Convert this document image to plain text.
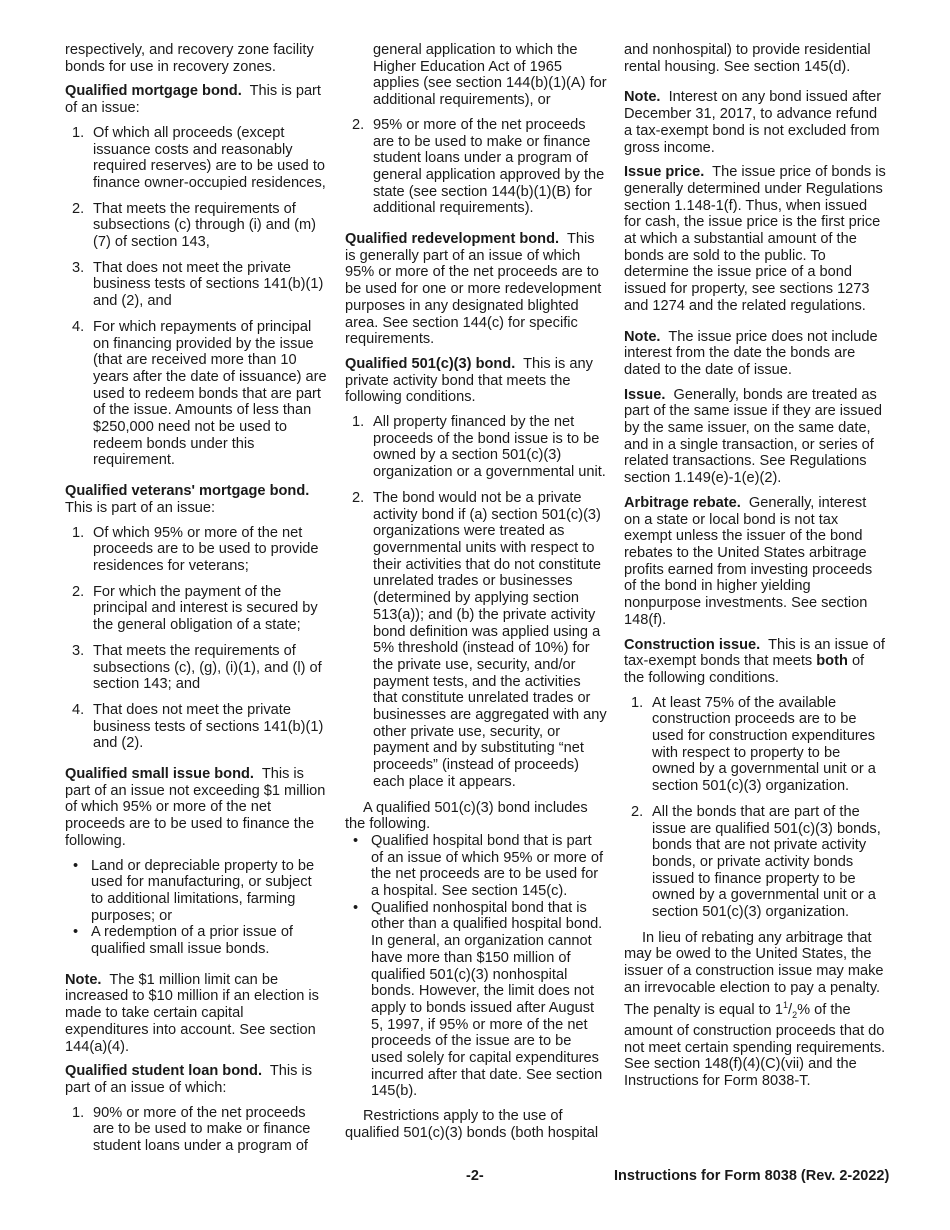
respectively, and recovery zone facility bonds for use in recovery zones.

Qualified mortgage bond. This is part of an issue:

1. Of which all proceeds (except issuance costs and reasonably required reserves) are to be used to finance owner-occupied residences,
2. That meets the requirements of subsections (c) through (i) and (m)(7) of section 143,
3. That does not meet the private business tests of sections 141(b)(1) and (2), and
4. For which repayments of principal on financing provided by the issue (that are received more than 10 years after the date of issuance) are used to redeem bonds that are part of the issue. Amounts of less than $250,000 need not be used to redeem bonds under this requirement.

Qualified veterans' mortgage bond. This is part of an issue:

1. Of which 95% or more of the net proceeds are to be used to provide residences for veterans;
2. For which the payment of the principal and interest is secured by the general obligation of a state;
3. That meets the requirements of subsections (c), (g), (i)(1), and (l) of section 143; and
4. That does not meet the private business tests of sections 141(b)(1) and (2).

Qualified small issue bond. This is part of an issue not exceeding $1 million of which 95% or more of the net proceeds are to be used to finance the following.

• Land or depreciable property to be used for manufacturing, or subject to additional limitations, farming purposes; or
• A redemption of a prior issue of qualified small issue bonds.

Note. The $1 million limit can be increased to $10 million if an election is made to take certain capital expenditures into account. See section 144(a)(4).

Qualified student loan bond. This is part of an issue of which:

1. 90% or more of the net proceeds are to be used to make or finance student loans under a program of

general application to which the Higher Education Act of 1965 applies (see section 144(b)(1)(A) for additional requirements), or

2. 95% or more of the net proceeds are to be used to make or finance student loans under a program of general application approved by the state (see section 144(b)(1)(B) for additional requirements).

Qualified redevelopment bond. This is generally part of an issue of which 95% or more of the net proceeds are to be used for one or more redevelopment purposes in any designated blighted area. See section 144(c) for specific requirements.

Qualified 501(c)(3) bond. This is any private activity bond that meets the following conditions.

1. All property financed by the net proceeds of the bond issue is to be owned by a section 501(c)(3) organization or a governmental unit.
2. The bond would not be a private activity bond if (a) section 501(c)(3) organizations were treated as governmental units with respect to their activities that do not constitute unrelated trades or businesses (determined by applying section 513(a)); and (b) the private activity bond definition was applied using a 5% threshold (instead of 10%) for the private use, security, and/or payment tests, and the activities that constitute unrelated trades or businesses are aggregated with any other private use, security, or payment and by substituting “net proceeds” (instead of proceeds) each place it appears.

A qualified 501(c)(3) bond includes the following.

• Qualified hospital bond that is part of an issue of which 95% or more of the net proceeds are to be used for a hospital. See section 145(c).
• Qualified nonhospital bond that is other than a qualified hospital bond. In general, an organization cannot have more than $150 million of qualified 501(c)(3) nonhospital bonds. However, the limit does not apply to bonds issued after August 5, 1997, if 95% or more of the net proceeds of the issue are to be used solely for capital expenditures incurred after that date. See section 145(b).

Restrictions apply to the use of qualified 501(c)(3) bonds (both hospital

and nonhospital) to provide residential rental housing. See section 145(d).

Note. Interest on any bond issued after December 31, 2017, to advance refund a tax-exempt bond is not excluded from gross income.

Issue price. The issue price of bonds is generally determined under Regulations section 1.148-1(f). Thus, when issued for cash, the issue price is the first price at which a substantial amount of the bonds are sold to the public. To determine the issue price of a bond issued for property, see sections 1273 and 1274 and the related regulations.

Note. The issue price does not include interest from the date the bonds are dated to the date of issue.

Issue. Generally, bonds are treated as part of the same issue if they are issued by the same issuer, on the same date, and in a single transaction, or series of related transactions. See Regulations section 1.149(e)-1(e)(2).

Arbitrage rebate. Generally, interest on a state or local bond is not tax exempt unless the issuer of the bond rebates to the United States arbitrage profits earned from investing proceeds of the bond in higher yielding nonpurpose investments. See section 148(f).

Construction issue. This is an issue of tax-exempt bonds that meets both of the following conditions.

1. At least 75% of the available construction proceeds are to be used for construction expenditures with respect to property to be owned by a governmental unit or a section 501(c)(3) organization.
2. All the bonds that are part of the issue are qualified 501(c)(3) bonds, bonds that are not private activity bonds, or private activity bonds issued to finance property to be owned by a governmental unit or a section 501(c)(3) organization.

In lieu of rebating any arbitrage that may be owed to the United States, the issuer of a construction issue may make an irrevocable election to pay a penalty. The penalty is equal to $1^1/_2\%$ of the amount of construction proceeds that do not meet certain spending requirements. See section 148(f)(4)(C)(vii) and the Instructions for Form 8038-T.

-2-	Instructions for Form 8038 (Rev. 2-2022)
